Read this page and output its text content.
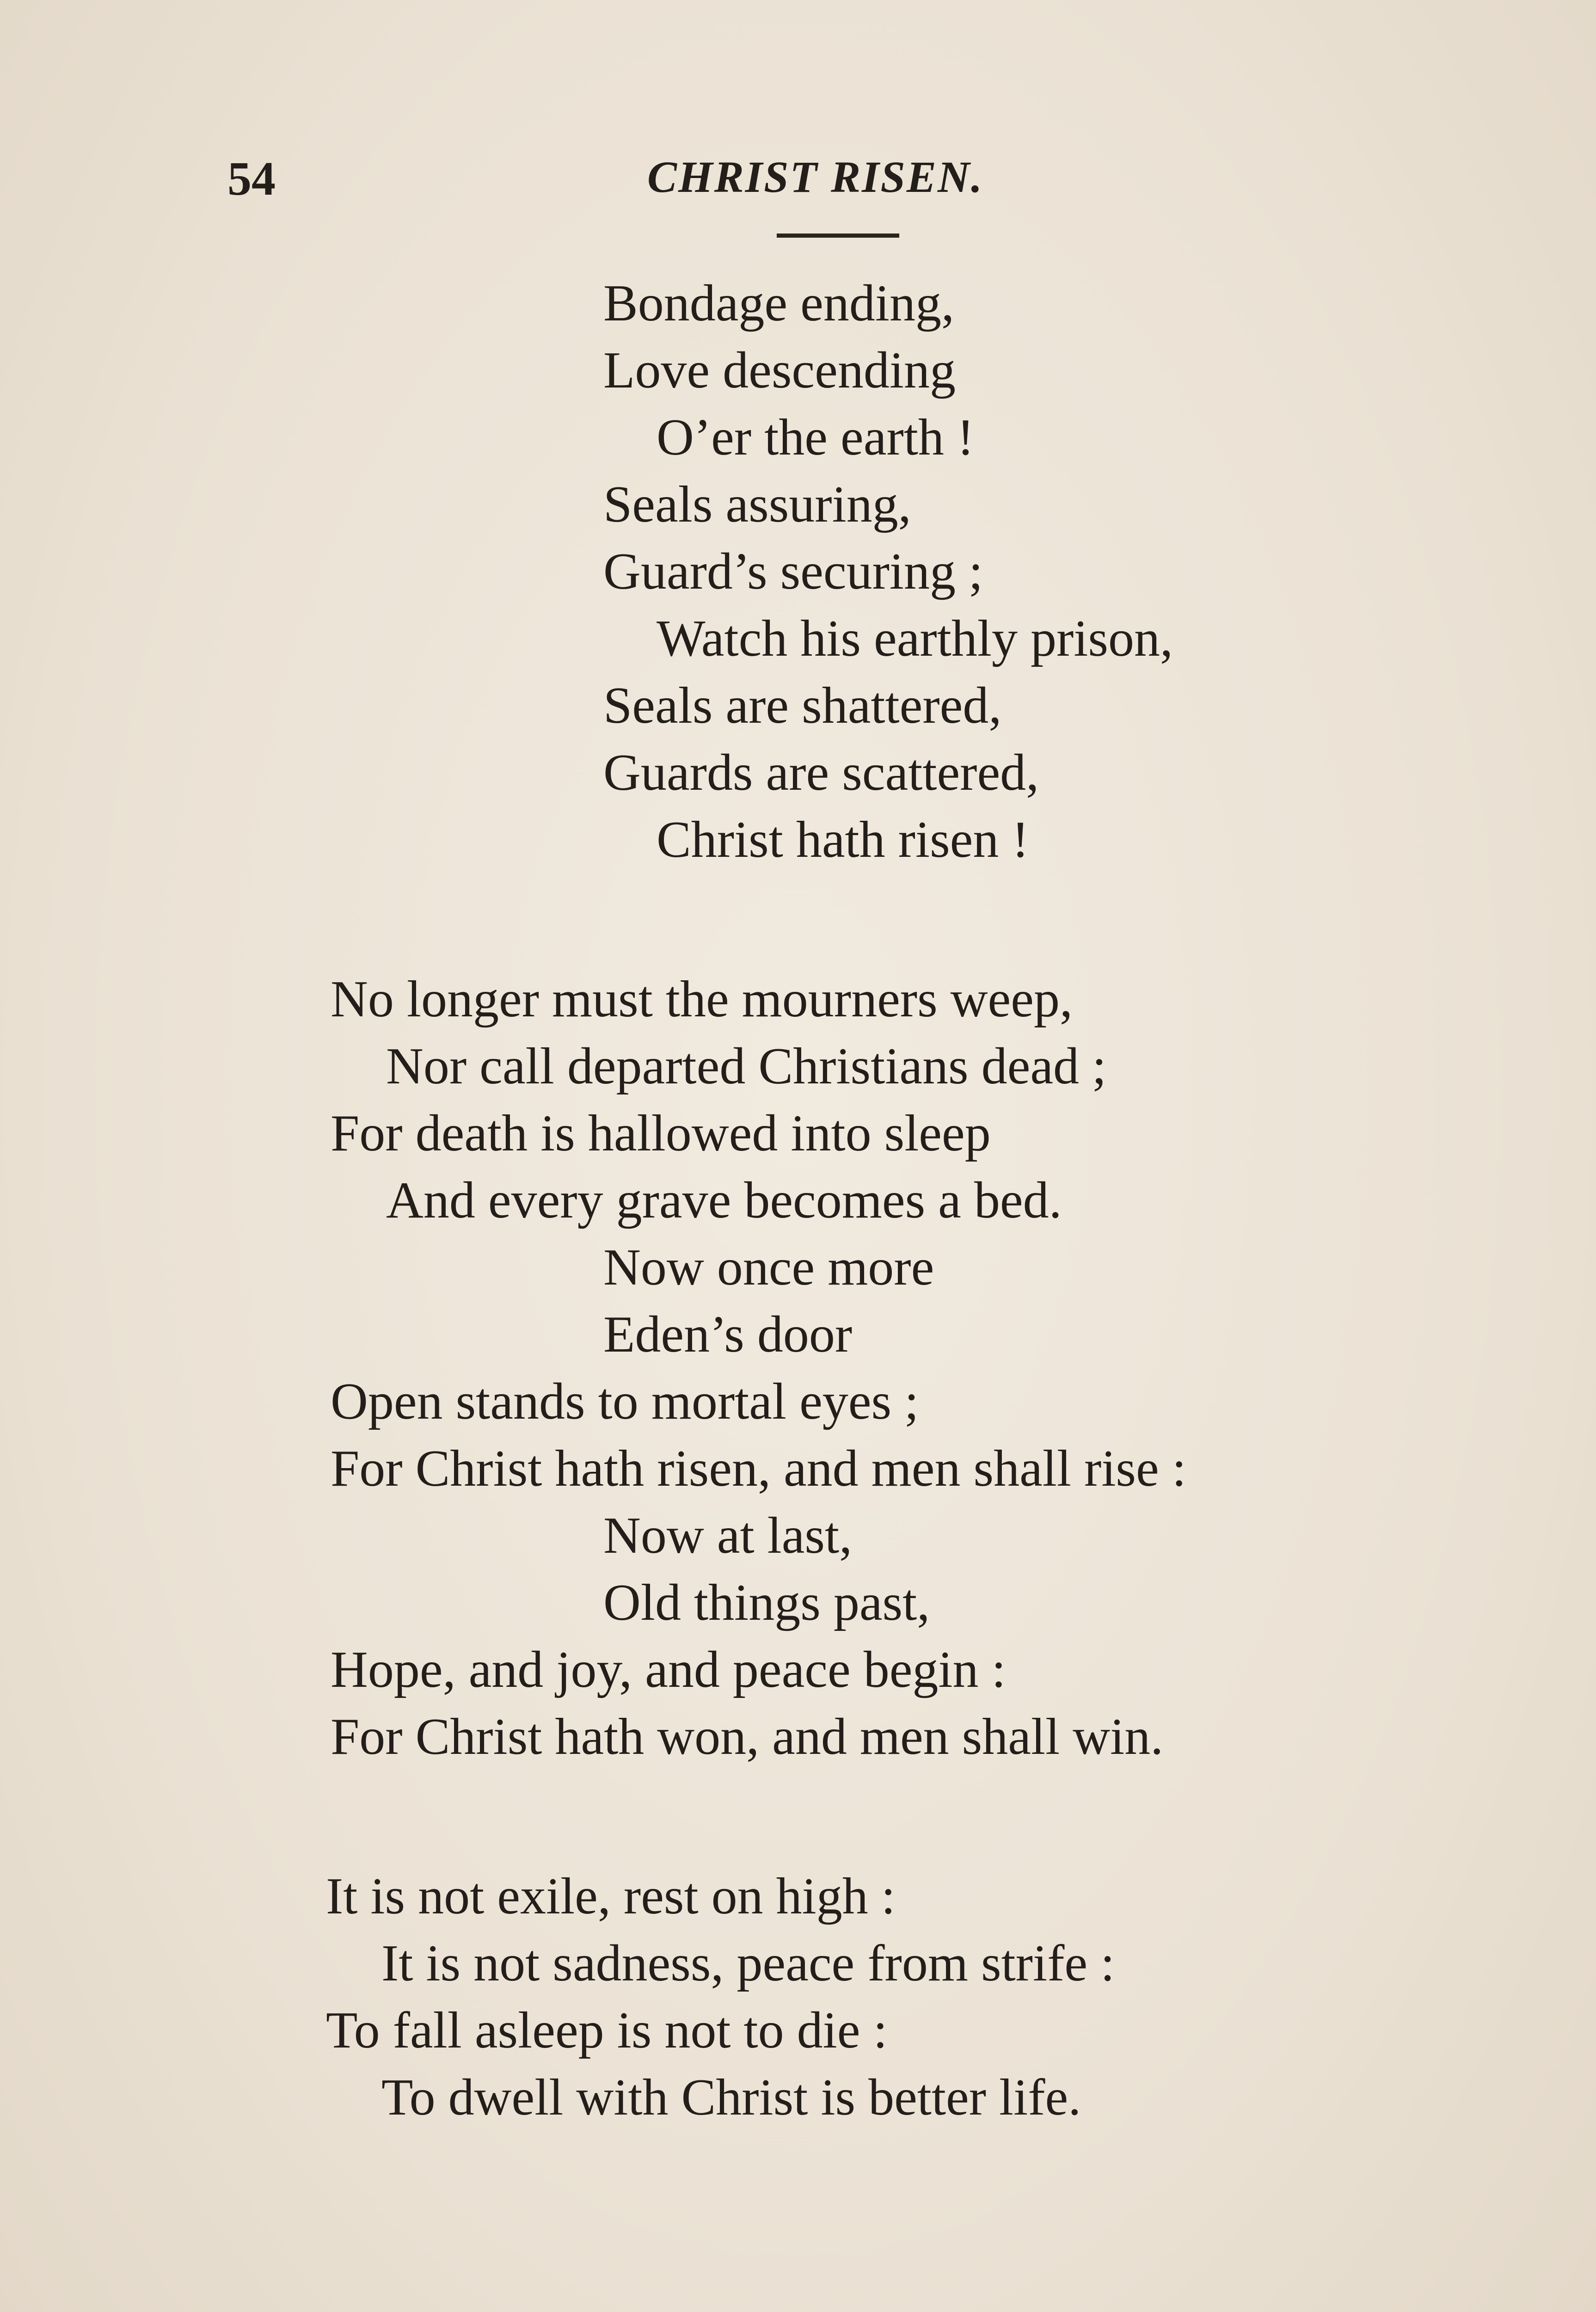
54	CHRIST RISEN.
Bondage ending,
Love descending
O’er the earth !
Seals assuring,
Guard’s securing ;
Watch his earthly prison,
Seals are shattered,
Guards are scattered,
Christ hath risen !
No longer must the mourners weep,
Nor call departed Christians dead ;
For death is hallowed into sleep
And every grave becomes a bed.
Now once more
Eden’s door
Open stands to mortal eyes ;
For Christ hath risen, and men shall rise :
Now at last,
Old things past,
Hope, and joy, and peace begin :
For Christ hath won, and men shall win.
It is not exile, rest on high :
It is not sadness, peace from strife :
To fall asleep is not to die :
To dwell with Christ is better life.
